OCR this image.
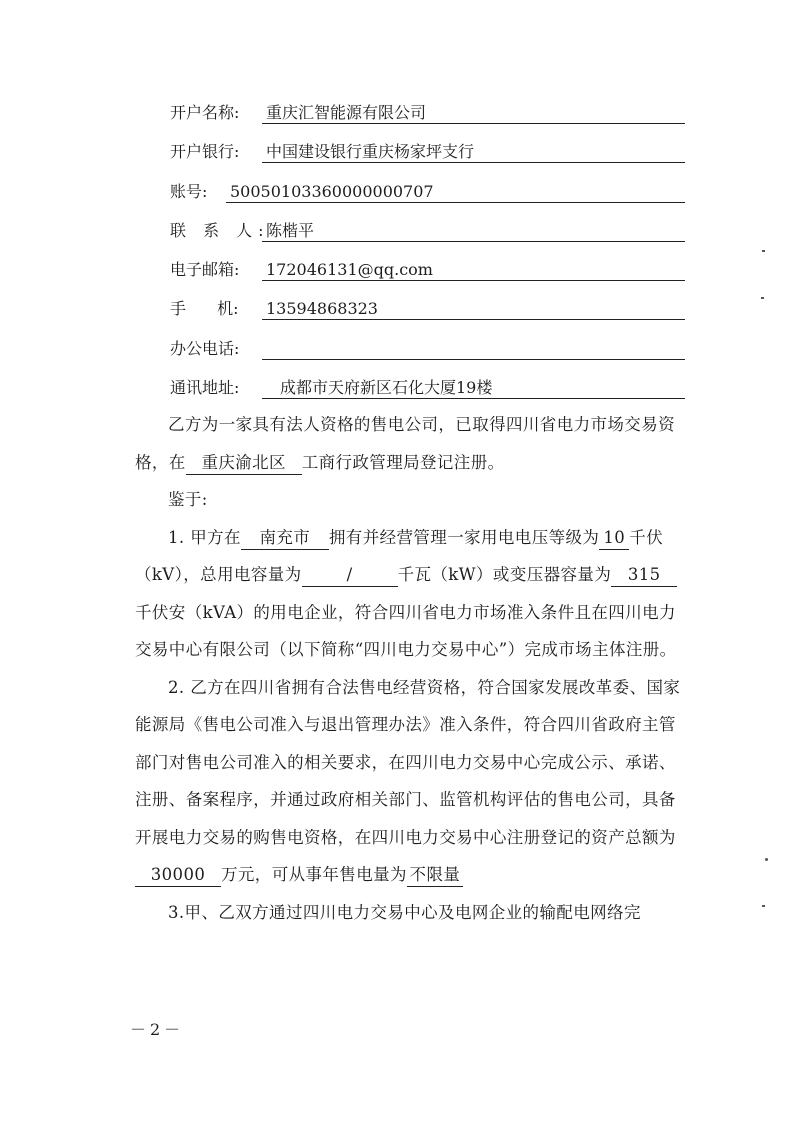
开户名称: 重庆汇智能源有限公司
开户银行: 中国建设银行重庆杨家坪支行
账号: 50050103360000000707
联 系 人:
陈楷平
电子邮箱: 172046131@qq.com
手 机: 13594868323
办公电话:
通讯地址:	成都市天府新区石化大厦19楼

乙方为一家具有法人资格的售电公司，已取得四川省电力市场交易资格，在 重庆渝北区 工商行政管理局登记注册。

鉴于:

1. 甲方在 南充市 拥有并经营管理一家用电电压等级为 10 千伏（kV），总用电容量为	/	千瓦（kW）或变压器容量为 315千伏安（kVA）的用电企业，符合四川省电力市场准入条件且在四川电力交易中心有限公司（以下简称“四川电力交易中心”）完成市场主体注册。

2. 乙方在四川省拥有合法售电经营资格，符合国家发展改革委、国家能源局《售电公司准入与退出管理办法》准入条件，符合四川省政府主管部门对售电公司准入的相关要求，在四川电力交易中心完成公示、承诺、注册、备案程序，并通过政府相关部门、监管机构评估的售电公司，具备开展电力交易的购售电资格，在四川电力交易中心注册登记的资产总额为30000 万元，可从事年售电量为 不限量

3.甲、乙双方通过四川电力交易中心及电网企业的输配电网络完

－2－
